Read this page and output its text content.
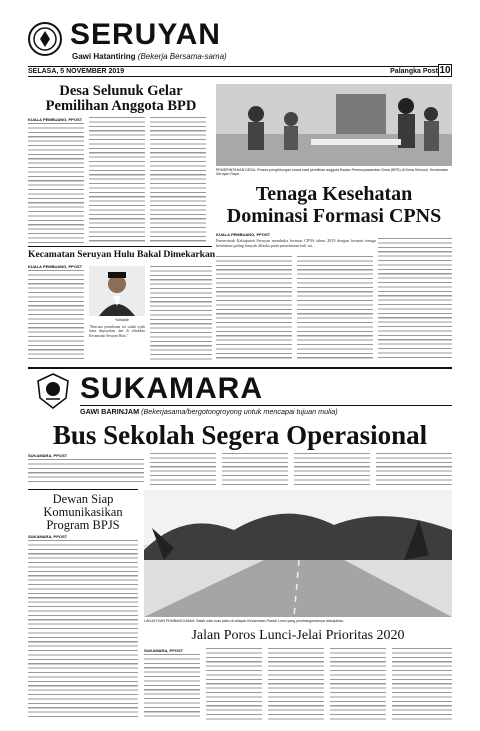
SERUYAN
Gawi Hatantiring (Bekerja Bersama-sama)
SELASA, 5 NOVEMBER 2019	Palangka Post 10
Desa Selunuk Gelar
Pemilihan Anggota BPD
KUALA PEMBUANG, PPOST
PEMERINTAHAN DESA: Proses penghitungan suara saat pemilihan anggota Badan Permusyawaratan Desa (BPD) di Desa Selunuk, Kecamatan Seruyan Raya.
Tenaga Kesehatan
Dominasi Formasi CPNS
KUALA PEMBUANG, PPOST
Pemerintah Kabupaten Seruyan membuka formasi CPNS tahun 2019 dengan formasi tenaga kesehatan paling banyak dibuka pada penerimaan kali ini.
Kecamatan Seruyan Hulu Bakal Dimekarkan
KUALA PEMBUANG, PPOST
Yulhaidir
"Rencana pemekaran ini sudah sejak lama diupayakan dan di sebabkan Kecamatan Seruyan Hulu."
SUKAMARA
GAWI BARINJAM (Bekerjasama/bergotongroyong untuk mencapai tujuan mulia)
Bus Sekolah Segera Operasional
SUKAMARA, PPOST
Dewan Siap
Komunikasikan
Program BPJS
SUKAMARA, PPOST
LANJUTKAN PEMBANGUNAN: Salah satu ruas jalan di wilayah Kecamatan Pantai Lunci yang pembangunannya dilanjutkan.
Jalan Poros Lunci-Jelai Prioritas 2020
SUKAMARA, PPOST
